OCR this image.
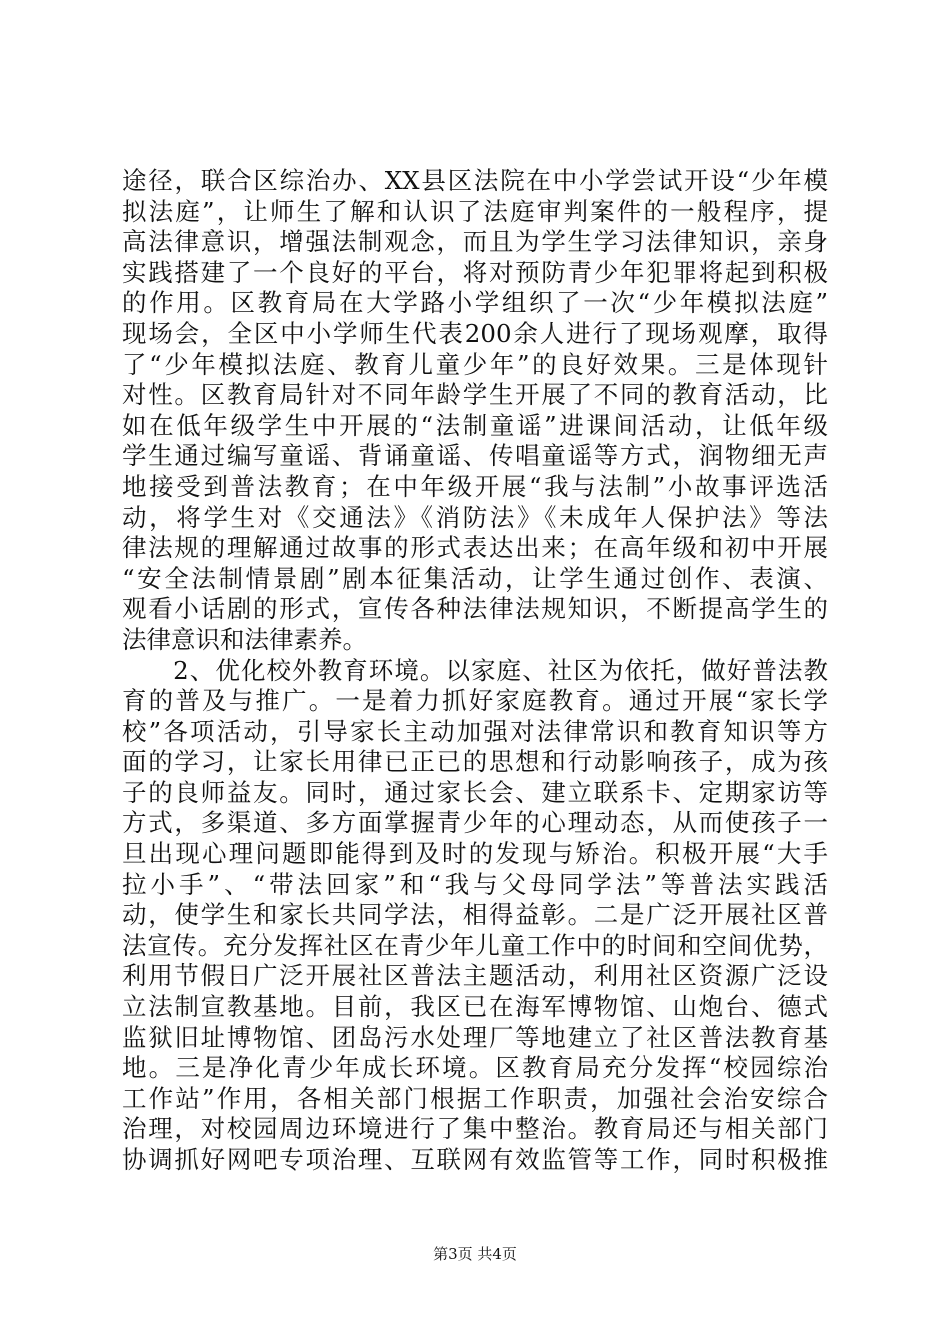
途径，联合区综治办、XX县区法院在中小学尝试开设“少年模
拟法庭”，让师生了解和认识了法庭审判案件的一般程序，提
高法律意识，增强法制观念，而且为学生学习法律知识，亲身
实践搭建了一个良好的平台，将对预防青少年犯罪将起到积极
的作用。区教育局在大学路小学组织了一次“少年模拟法庭”
现场会，全区中小学师生代表200余人进行了现场观摩，取得
了“少年模拟法庭、教育儿童少年”的良好效果。三是体现针
对性。区教育局针对不同年龄学生开展了不同的教育活动，比
如在低年级学生中开展的“法制童谣”进课间活动，让低年级
学生通过编写童谣、背诵童谣、传唱童谣等方式，润物细无声
地接受到普法教育；在中年级开展“我与法制”小故事评选活
动，将学生对《交通法》《消防法》《未成年人保护法》等法
律法规的理解通过故事的形式表达出来；在高年级和初中开展
“安全法制情景剧”剧本征集活动，让学生通过创作、表演、
观看小话剧的形式，宣传各种法律法规知识，不断提高学生的
法律意识和法律素养。
　　2、优化校外教育环境。以家庭、社区为依托，做好普法教
育的普及与推广。一是着力抓好家庭教育。通过开展“家长学
校”各项活动，引导家长主动加强对法律常识和教育知识等方
面的学习，让家长用律已正已的思想和行动影响孩子，成为孩
子的良师益友。同时，通过家长会、建立联系卡、定期家访等
方式，多渠道、多方面掌握青少年的心理动态，从而使孩子一
旦出现心理问题即能得到及时的发现与矫治。积极开展“大手
拉小手”、“带法回家”和“我与父母同学法”等普法实践活
动，使学生和家长共同学法，相得益彰。二是广泛开展社区普
法宣传。充分发挥社区在青少年儿童工作中的时间和空间优势，
利用节假日广泛开展社区普法主题活动，利用社区资源广泛设
立法制宣教基地。目前，我区已在海军博物馆、山炮台、德式
监狱旧址博物馆、团岛污水处理厂等地建立了社区普法教育基
地。三是净化青少年成长环境。区教育局充分发挥“校园综治
工作站”作用，各相关部门根据工作职责，加强社会治安综合
治理，对校园周边环境进行了集中整治。教育局还与相关部门
协调抓好网吧专项治理、互联网有效监管等工作，同时积极推
第3页 共4页
